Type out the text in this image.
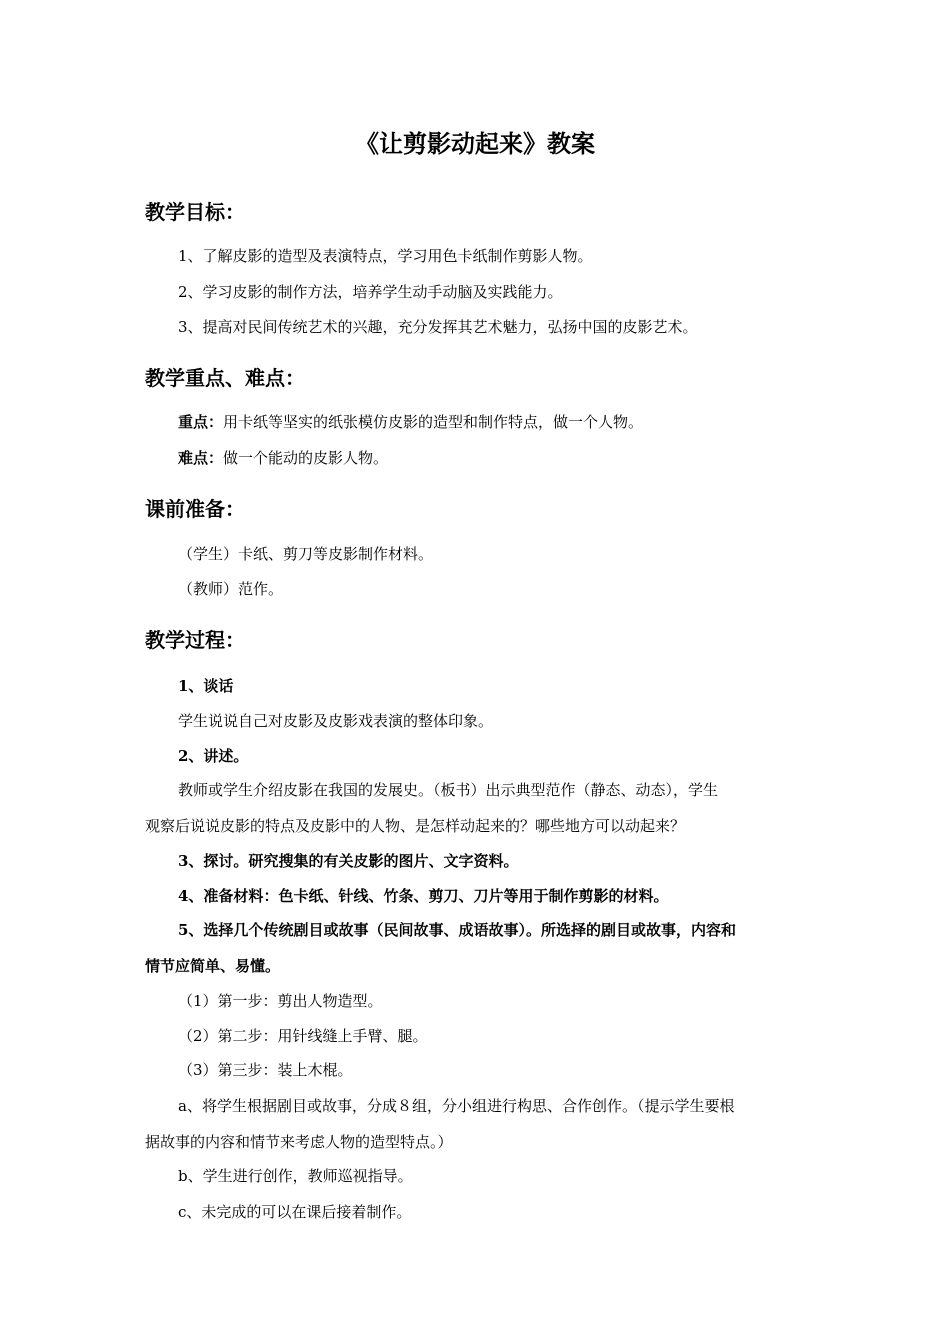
《让剪影动起来》教案
教学目标：
1、了解皮影的造型及表演特点，学习用色卡纸制作剪影人物。
2、学习皮影的制作方法，培养学生动手动脑及实践能力。
3、提高对民间传统艺术的兴趣，充分发挥其艺术魅力，弘扬中国的皮影艺术。
教学重点、难点：
重点：用卡纸等坚实的纸张模仿皮影的造型和制作特点，做一个人物。
难点：做一个能动的皮影人物。
课前准备：
（学生）卡纸、剪刀等皮影制作材料。
（教师）范作。
教学过程：
1、谈话
学生说说自己对皮影及皮影戏表演的整体印象。
2、讲述。
教师或学生介绍皮影在我国的发展史。（板书）出示典型范作（静态、动态），学生
观察后说说皮影的特点及皮影中的人物、是怎样动起来的？哪些地方可以动起来？
3、探讨。研究搜集的有关皮影的图片、文字资料。
4、准备材料：色卡纸、针线、竹条、剪刀、刀片等用于制作剪影的材料。
5、选择几个传统剧目或故事（民间故事、成语故事）。所选择的剧目或故事，内容和
情节应简单、易懂。
（1）第一步：剪出人物造型。
（2）第二步：用针线缝上手臂、腿。
（3）第三步：装上木棍。
a、将学生根据剧目或故事，分成８组，分小组进行构思、合作创作。（提示学生要根
据故事的内容和情节来考虑人物的造型特点。）
b、学生进行创作，教师巡视指导。
c、未完成的可以在课后接着制作。
